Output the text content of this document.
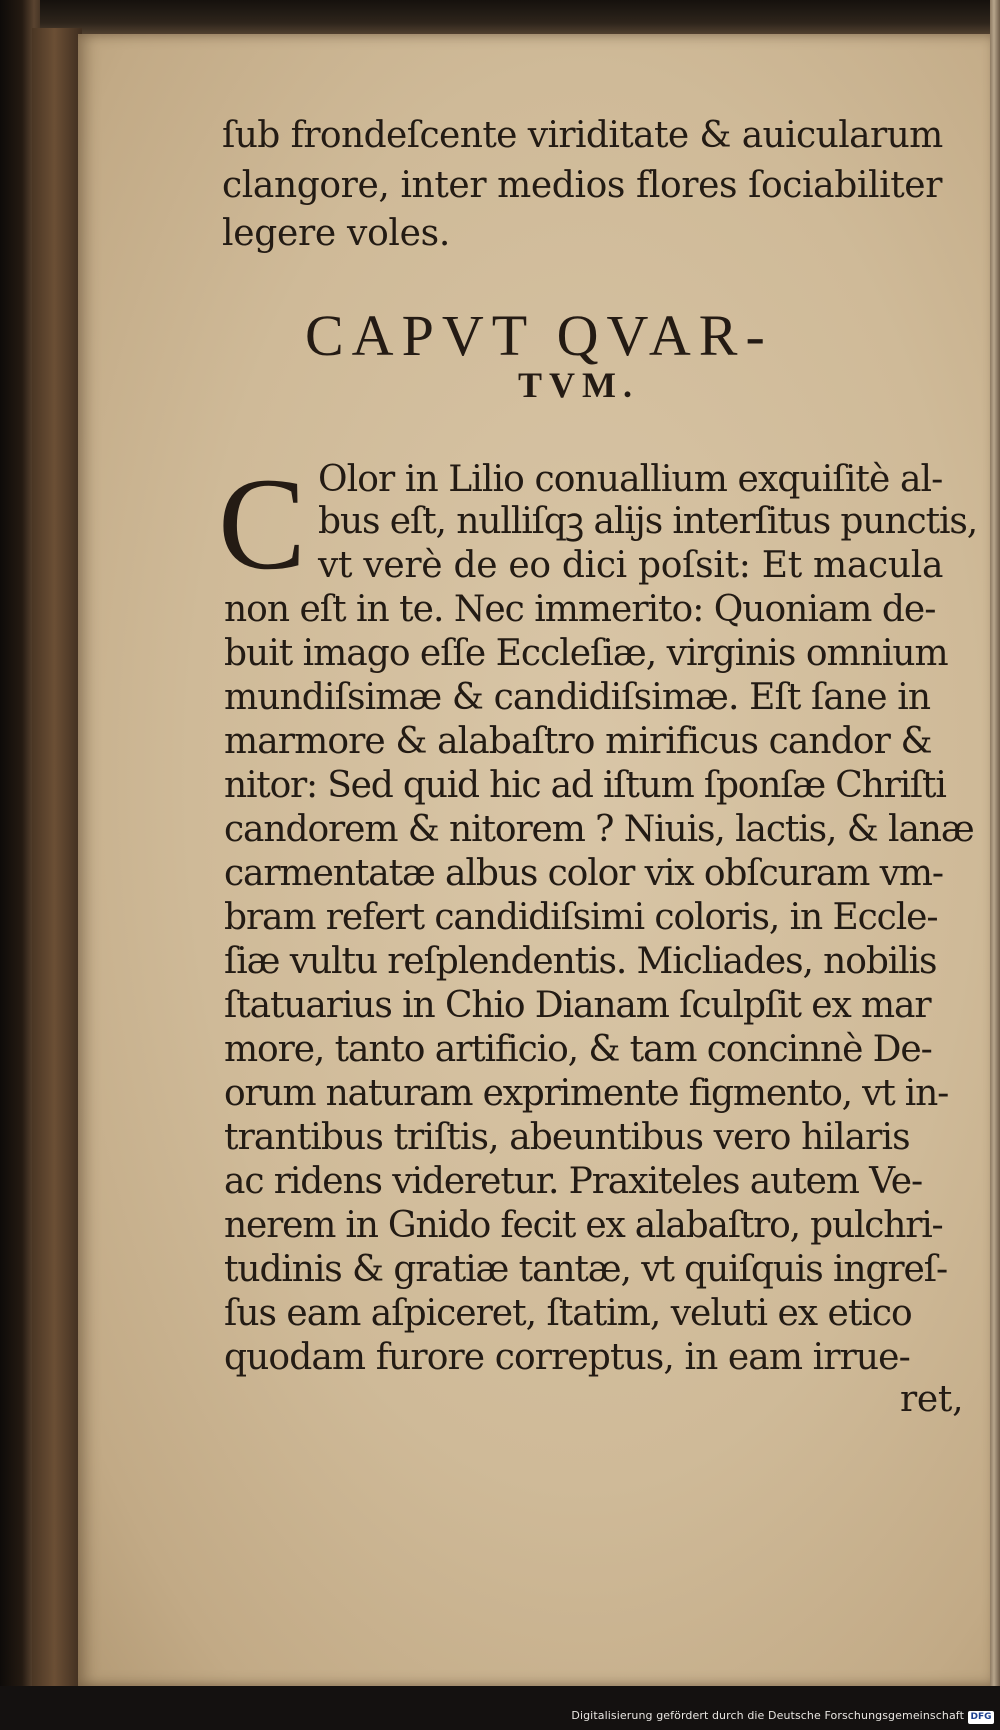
ſub frondeſcente viriditate & auicularum
clangore, inter medios flores ſociabiliter
legere voles.
CAPVT QVAR-
TVM.
C Olor in Lilio conuallium exquiſitè al-
bus eſt, nulliſqꝫ alijs interſitus punctis,
vt verè de eo dici poſsit: Et macula
non eſt in te. Nec immerito: Quoniam de-
buit imago eſſe Eccleſiæ, virginis omnium
mundiſsimæ & candidiſsimæ. Eſt ſane in
marmore & alabaſtro mirificus candor &
nitor: Sed quid hic ad iſtum ſponſæ Chriſti
candorem & nitorem ? Niuis, lactis, & lanæ
carmentatæ albus color vix obſcuram vm-
bram refert candidiſsimi coloris, in Eccle-
ſiæ vultu reſplendentis. Micliades, nobilis
ſtatuarius in Chio Dianam ſculpſit ex mar
more, tanto artificio, & tam concinnè De-
orum naturam exprimente figmento, vt in-
trantibus triſtis, abeuntibus vero hilaris
ac ridens videretur. Praxiteles autem Ve-
nerem in Gnido fecit ex alabaſtro, pulchri-
tudinis & gratiæ tantæ, vt quiſquis ingreſ-
ſus eam aſpiceret, ſtatim, veluti ex etico
quodam furore correptus, in eam irrue-
ret,
Digitalisierung gefördert durch die Deutsche Forschungsgemeinschaft DFG
